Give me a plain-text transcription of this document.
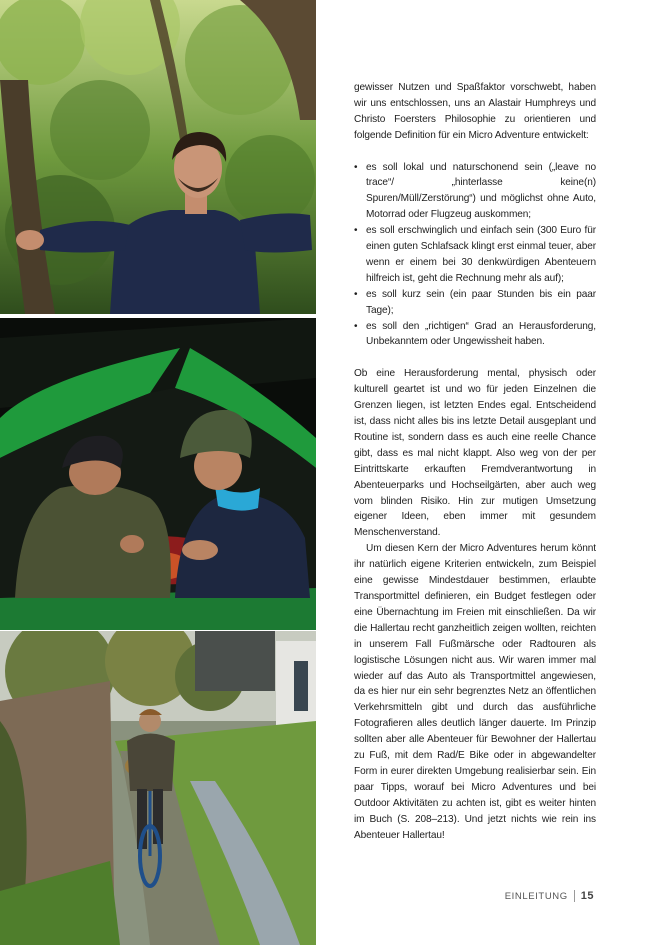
gewisser Nutzen und Spaßfaktor vorschwebt, haben wir uns entschlossen, uns an Alastair Humphreys und Christo Foersters Philosophie zu orientieren und folgende Definition für ein Micro Adventure entwickelt:

• es soll lokal und naturschonend sein („leave no trace“/ „hinterlasse keine(n) Spuren/Müll/Zerstörung“) und möglichst ohne Auto, Motorrad oder Flugzeug auskommen;
• es soll erschwinglich und einfach sein (300 Euro für einen guten Schlafsack klingt erst einmal teuer, aber wenn er einem bei 30 denkwürdigen Abenteuern hilfreich ist, geht die Rechnung mehr als auf);
• es soll kurz sein (ein paar Stunden bis ein paar Tage);
• es soll den „richtigen“ Grad an Herausforderung, Unbekanntem oder Ungewissheit haben.

Ob eine Herausforderung mental, physisch oder kulturell geartet ist und wo für jeden Einzelnen die Grenzen liegen, ist letzten Endes egal. Entscheidend ist, dass nicht alles bis ins letzte Detail ausgeplant und Routine ist, sondern dass es auch eine reelle Chance gibt, dass es mal nicht klappt. Also weg von der per Eintrittskarte erkauften Fremdverantwortung in Abenteuerparks und Hochseilgärten, aber auch weg vom blinden Risiko. Hin zur mutigen Umsetzung eigener Ideen, eben immer mit gesundem Menschenverstand.

Um diesen Kern der Micro Adventures herum könnt ihr natürlich eigene Kriterien entwickeln, zum Beispiel eine gewisse Mindestdauer bestimmen, erlaubte Transportmittel definieren, ein Budget festlegen oder eine Übernachtung im Freien mit einschließen. Da wir die Hallertau recht ganzheitlich zeigen wollten, reichten in unserem Fall Fußmärsche oder Radtouren als logistische Lösungen nicht aus. Wir waren immer mal wieder auf das Auto als Transportmittel angewiesen, da es hier nur ein sehr begrenztes Netz an öffentlichen Verkehrsmitteln gibt und durch das ausführliche Fotografieren alles deutlich länger dauerte. Im Prinzip sollten aber alle Abenteuer für Bewohner der Hallertau zu Fuß, mit dem Rad/E Bike oder in abgewandelter Form in eurer direkten Umgebung realisierbar sein. Ein paar Tipps, worauf bei Micro Adventures und bei Outdoor Aktivitäten zu achten ist, gibt es weiter hinten im Buch (S. 208–213). Und jetzt nichts wie rein ins Abenteuer Hallertau!

EINLEITUNG 15
